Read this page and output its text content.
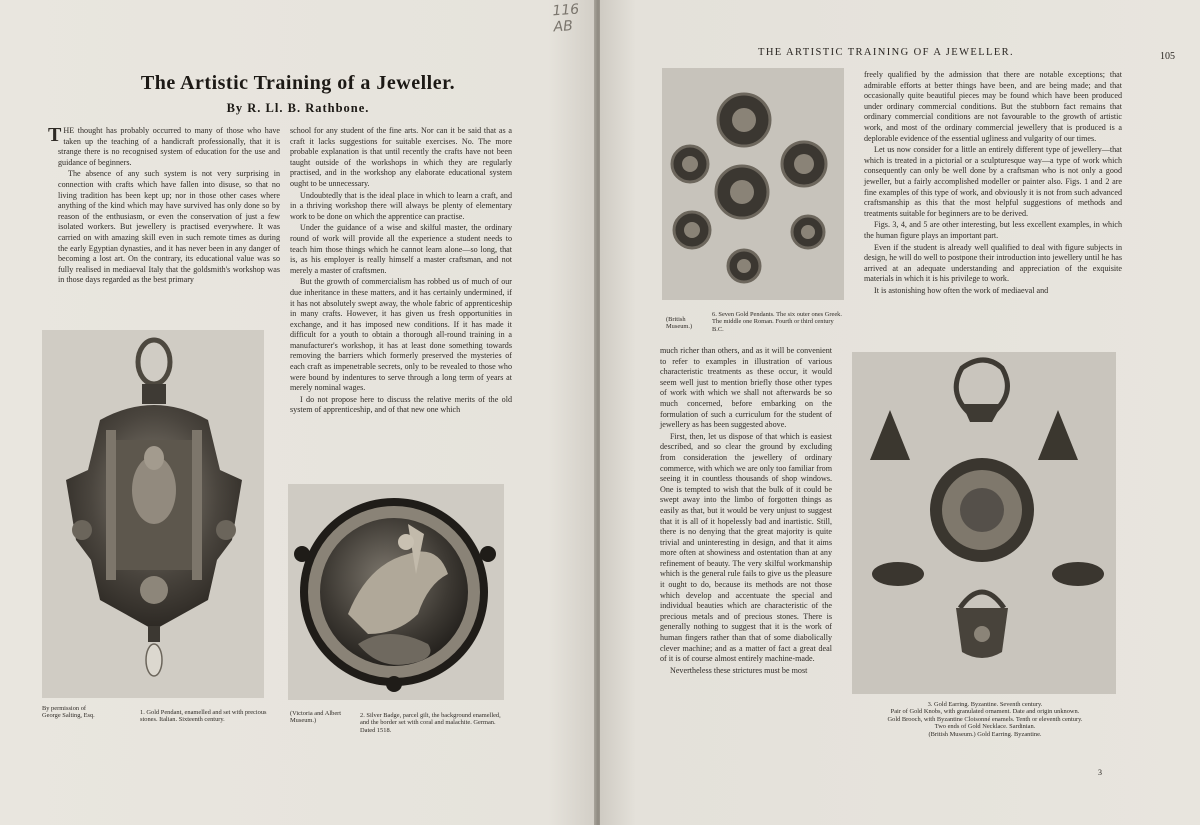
116 AB
The Artistic Training of a Jeweller.
By R. Ll. B. Rathbone.

THE thought has probably occurred to many of those who have taken up the teaching of a handicraft professionally, that it is strange there is no recognised system of education for the use and guidance of beginners.

The absence of any such system is not very surprising in connection with crafts which have fallen into disuse, so that no living tradition has been kept up; nor in those other cases where anything of the kind which may have survived has only done so by reason of the enthusiasm, or even the conservation of just a few isolated workers. But jewellery is practised everywhere. It was carried on with amazing skill even in such remote times as during the early Egyptian dynasties, and it has never been in any danger of becoming a lost art. On the contrary, its educational value was so fully realised in mediaeval Italy that the goldsmith's workshop was in those days regarded as the best primary

school for any student of the fine arts. Nor can it be said that as a craft it lacks suggestions for suitable exercises. No. The more probable explanation is that until recently the crafts have not been taught outside of the workshops in which they are regularly practised, and in the workshop any elaborate educational system ought to be unnecessary.

Undoubtedly that is the ideal place in which to learn a craft, and in a thriving workshop there will always be plenty of elementary work to be done on which the apprentice can practise.

Under the guidance of a wise and skilful master, the ordinary round of work will provide all the experience a student needs to teach him those things which he cannot learn alone—so long, that is, as his employer is really himself a master craftsman, and not merely a master of craftsmen.

But the growth of commercialism has robbed us of much of our due inheritance in these matters, and it has certainly undermined, if it has not absolutely swept away, the whole fabric of apprenticeship in many crafts. However, it has given us fresh opportunities in exchange, and it has imposed new conditions. If it has made it difficult for a youth to obtain a thorough all-round training in a manufacturer's workshop, it has at least done something towards removing the barriers which formerly preserved the mysteries of each craft as impenetrable secrets, only to be revealed to those who were bound by indentures to serve through a long term of years at merely nominal wages.

I do not propose here to discuss the relative merits of the old system of apprenticeship, and of that new one which

By permission of George Salting, Esq.	1. Gold Pendant, enamelled and set with precious stones. Italian. Sixteenth century.
(Victoria and Albert Museum.)
2. Silver Badge, parcel gilt, the background enamelled, and the border set with coral and malachite. German. Dated 1518.
THE ARTISTIC TRAINING OF A JEWELLER.	105
(British Museum.)
6. Seven Gold Pendants. The six outer ones Greek. The middle one Roman. Fourth or third century B.C.

freely qualified by the admission that there are notable exceptions; that admirable efforts at better things have been, and are being made; and that occasionally quite beautiful pieces may be found which have been produced under ordinary commercial conditions. But the stubborn fact remains that ordinary commercial conditions are not favourable to the growth of artistic work, and most of the ordinary commercial jewellery that is produced is a deplorable evidence of the essential ugliness and vulgarity of our times.

Let us now consider for a little an entirely different type of jewellery—that which is treated in a pictorial or a sculpturesque way—a type of work which consequently can only be well done by a craftsman who is not only a good jeweller, but a fairly accomplished modeller or painter also. Figs. 1 and 2 are fine examples of this type of work, and obviously it is not from such advanced craftsmanship as this that the most helpful suggestions of methods and treatments suitable for beginners are to be derived.

Figs. 3, 4, and 5 are other interesting, but less excellent examples, in which the human figure plays an important part.

Even if the student is already well qualified to deal with figure subjects in design, he will do well to postpone their introduction into jewellery until he has arrived at an adequate understanding and appreciation of the exquisite materials in which it is his privilege to work.

It is astonishing how often the work of mediaeval and

much richer than others, and as it will be convenient to refer to examples in illustration of various characteristic treatments as these occur, it would seem well just to mention briefly those other types of work with which we shall not afterwards be so much concerned, before embarking on the formulation of such a curriculum for the student of jewellery as has been suggested above.

First, then, let us dispose of that which is easiest described, and so clear the ground by excluding from consideration the jewellery of ordinary commerce, with which we are only too familiar from seeing it in countless thousands of shop windows. One is tempted to wish that the bulk of it could be swept away into the limbo of forgotten things as easily as that, but it would be very unjust to suggest that it is all of it hopelessly bad and inartistic. Still, there is no denying that the great majority is quite trivial and uninteresting in design, and that it aims more often at showiness and ostentation than at any refinement of beauty. The very skilful workmanship which is the general rule fails to give us the pleasure it ought to do, because its methods are not those which develop and accentuate the special and individual beauties which are characteristic of the precious metals and of precious stones. There is generally nothing to suggest that it is the work of human fingers rather than that of some diabolically clever machine; and as a matter of fact a great deal of it is of course almost entirely machine-made.

Nevertheless these strictures must be most

3. Gold Earring. Byzantine. Seventh century.
Pair of Gold Knobs, with granulated ornament. Date and origin unknown.
Gold Brooch, with Byzantine Cloisonné enamels. Tenth or eleventh century.
Two ends of Gold Necklace. Sardinian.
(British Museum.) Gold Earring. Byzantine.
3
